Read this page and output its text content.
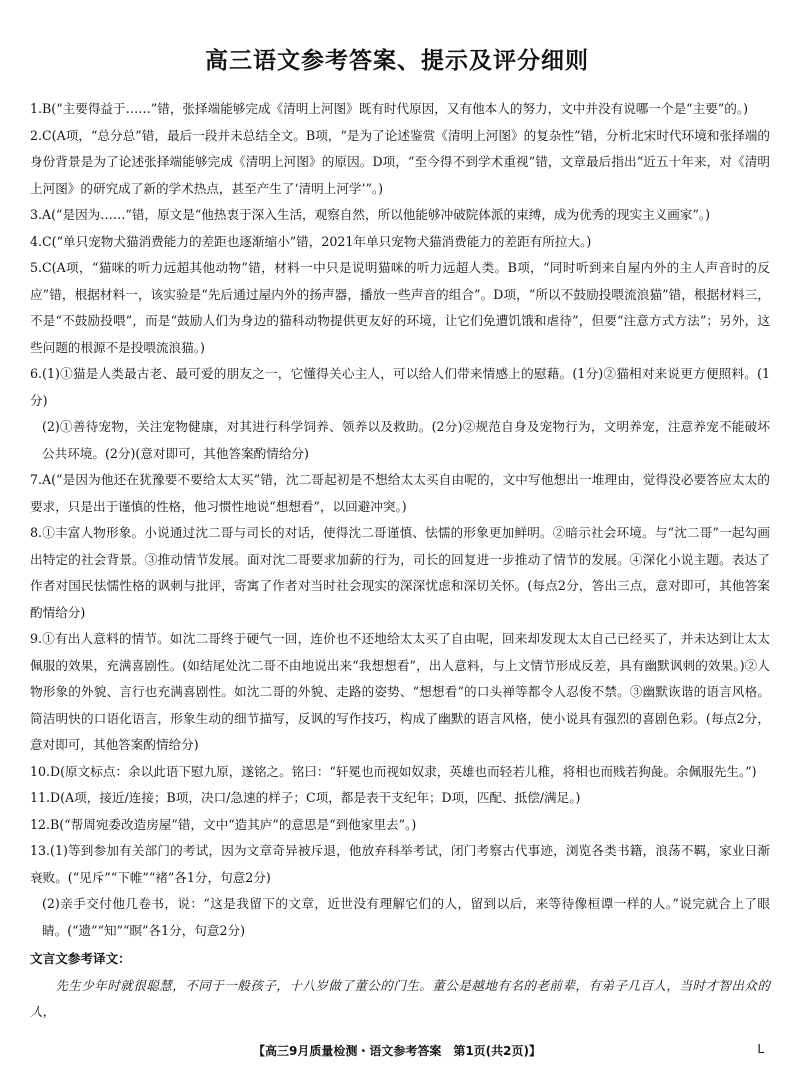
高三语文参考答案、提示及评分细则

1.B(“主要得益于……”错，张择端能够完成《清明上河图》既有时代原因，又有他本人的努力，文中并没有说哪一个是“主要”的。)

2.C(A项，“总分总”错，最后一段并未总结全文。B项，“是为了论述鉴赏《清明上河图》的复杂性”错，分析北宋时代环境和张择端的身份背景是为了论述张择端能够完成《清明上河图》的原因。D项，“至今得不到学术重视”错，文章最后指出“近五十年来，对《清明上河图》的研究成了新的学术热点，甚至产生了‘清明上河学’”。)

3.A(“是因为……”错，原文是“他热衷于深入生活，观察自然，所以他能够冲破院体派的束缚，成为优秀的现实主义画家”。)

4.C(“单只宠物犬猫消费能力的差距也逐渐缩小”错，2021年单只宠物犬猫消费能力的差距有所拉大。)

5.C(A项，“猫咪的听力远超其他动物”错，材料一中只是说明猫咪的听力远超人类。B项，“同时听到来自屋内外的主人声音时的反应”错，根据材料一，该实验是“先后通过屋内外的扬声器，播放一些声音的组合”。D项，“所以不鼓励投喂流浪猫”错，根据材料三，不是“不鼓励投喂”，而是“鼓励人们为身边的猫科动物提供更友好的环境，让它们免遭饥饿和虐待”，但要“注意方式方法”；另外，这些问题的根源不是投喂流浪猫。)

6.(1)①猫是人类最古老、最可爱的朋友之一，它懂得关心主人，可以给人们带来情感上的慰藉。(1分)②猫相对来说更方便照料。(1分)

(2)①善待宠物，关注宠物健康，对其进行科学饲养、领养以及救助。(2分)②规范自身及宠物行为，文明养宠，注意养宠不能破坏公共环境。(2分)(意对即可，其他答案酌情给分)

7.A(“是因为他还在犹豫要不要给太太买”错，沈二哥起初是不想给太太买自由呢的，文中写他想出一堆理由，觉得没必要答应太太的要求，只是出于谨慎的性格，他习惯性地说“想想看”，以回避冲突。)

8.①丰富人物形象。小说通过沈二哥与司长的对话，使得沈二哥谨慎、怯懦的形象更加鲜明。②暗示社会环境。与“沈二哥”一起勾画出特定的社会背景。③推动情节发展。面对沈二哥要求加薪的行为，司长的回复进一步推动了情节的发展。④深化小说主题。表达了作者对国民怯懦性格的讽刺与批评，寄寓了作者对当时社会现实的深深忧虑和深切关怀。(每点2分，答出三点，意对即可，其他答案酌情给分)

9.①有出人意料的情节。如沈二哥终于硬气一回，连价也不还地给太太买了自由呢，回来却发现太太自己已经买了，并未达到让太太佩服的效果，充满喜剧性。(如结尾处沈二哥不由地说出来“我想想看”，出人意料，与上文情节形成反差，具有幽默讽刺的效果。)②人物形象的外貌、言行也充满喜剧性。如沈二哥的外貌、走路的姿势、“想想看”的口头禅等都令人忍俊不禁。③幽默诙谐的语言风格。简洁明快的口语化语言，形象生动的细节描写，反讽的写作技巧，构成了幽默的语言风格，使小说具有强烈的喜剧色彩。(每点2分，意对即可，其他答案酌情给分)

10.D(原文标点：余以此语下慰九原，遂铭之。铭曰：“轩冕也而视如奴隶，英雄也而轻若儿稚，将相也而贱若狗彘。余佩服先生。”)

11.D(A项，接近/连接；B项，决口/急速的样子；C项，都是表干支纪年；D项，匹配、抵偿/满足。)

12.B(“帮周宛委改造房屋”错，文中“造其庐”的意思是“到他家里去”。)

13.(1)等到参加有关部门的考试，因为文章奇异被斥退，他放弃科举考试，闭门考察古代事迹，浏览各类书籍，浪荡不羁，家业日渐衰败。(“见斥”“下帷”“褚”各1分，句意2分)

(2)亲手交付他几卷书，说：“这是我留下的文章，近世没有理解它们的人，留到以后，来等待像桓谭一样的人。”说完就合上了眼睛。(“遗”“知”“瞑”各1分，句意2分)

文言文参考译文：

先生少年时就很聪慧，不同于一般孩子，十八岁做了董公的门生。董公是越地有名的老前辈，有弟子几百人，当时才智出众的人，

【高三9月质量检测・语文参考答案　第1页(共2页)】	L
